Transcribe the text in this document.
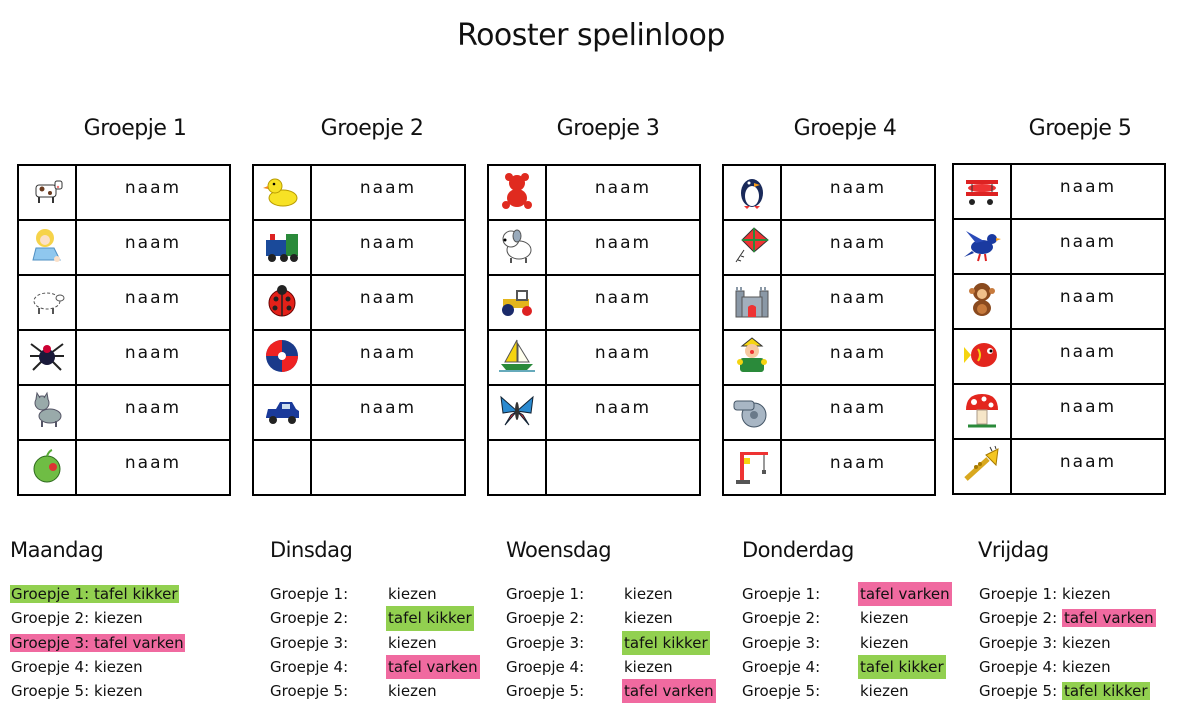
Rooster spelinloop
Groepje 1
	naam
	naam
	naam
	naam
	naam
	naam
Groepje 2
	naam
	naam
	naam
	naam
	naam

Groepje 3
	naam
	naam
	naam
	naam
	naam

Groepje 4
	naam
	naam
	naam
	naam
	naam
	naam
Groepje 5
	naam
	naam
	naam
	naam
	naam
	naam
Maandag
Groepje 1: tafel kikker
Groepje 2: kiezen
Groepje 3: tafel varken
Groepje 4: kiezen
Groepje 5: kiezen
Dinsdag
Groepje 1:	kiezen
Groepje 2:	tafel kikker
Groepje 3:	kiezen
Groepje 4:	tafel varken
Groepje 5:	kiezen
Woensdag
Groepje 1:	kiezen
Groepje 2:	kiezen
Groepje 3:	tafel kikker
Groepje 4:	kiezen
Groepje 5:	tafel varken
Donderdag
Groepje 1:	tafel varken
Groepje 2:	kiezen
Groepje 3:	kiezen
Groepje 4:	tafel kikker
Groepje 5:	kiezen
Vrijdag
Groepje 1: kiezen
Groepje 2: tafel varken
Groepje 3: kiezen
Groepje 4: kiezen
Groepje 5: tafel kikker
